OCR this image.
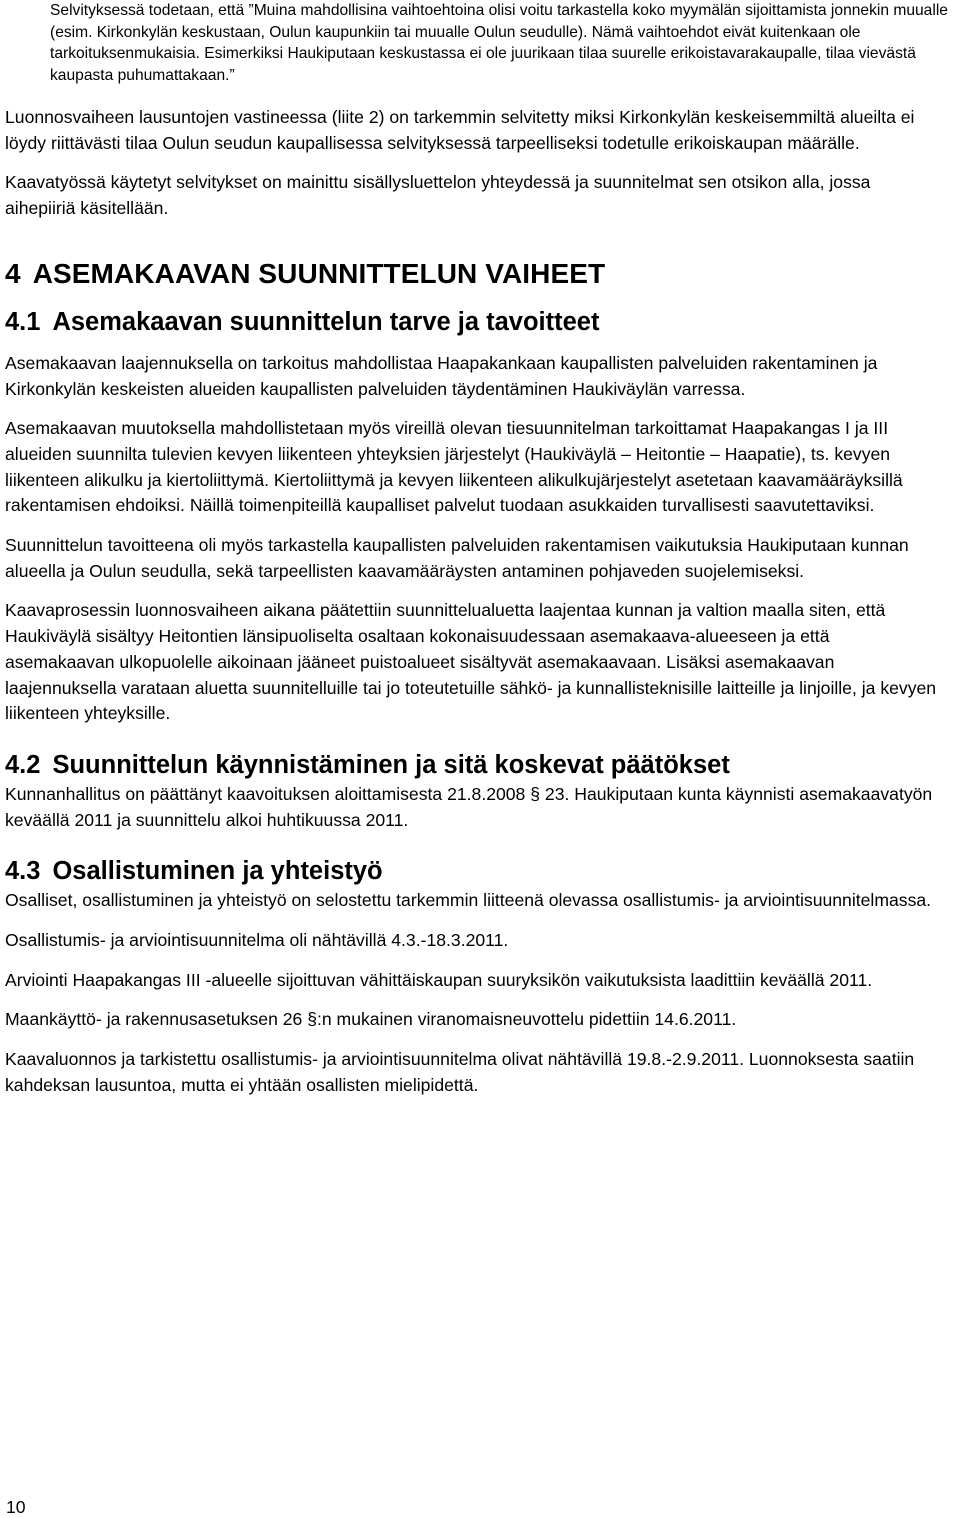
Selvityksessä todetaan, että ”Muina mahdollisina vaihtoehtoina olisi voitu tarkastella koko myymälän sijoittamista jonnekin muualle (esim. Kirkonkylän keskustaan, Oulun kaupunkiin tai muualle Oulun seudulle). Nämä vaihtoehdot eivät kuitenkaan ole tarkoituksenmukaisia. Esimerkiksi Haukiputaan keskustassa ei ole juurikaan tilaa suurelle erikoistavarakaupalle, tilaa vievästä kaupasta puhumattakaan.”

Luonnosvaiheen lausuntojen vastineessa (liite 2) on tarkemmin selvitetty miksi Kirkonkylän keskeisemmiltä alueilta ei löydy riittävästi tilaa Oulun seudun kaupallisessa selvityksessä tarpeelliseksi todetulle erikoiskaupan määrälle.

Kaavatyössä käytetyt selvitykset on mainittu sisällysluettelon yhteydessä ja suunnitelmat sen otsikon alla, jossa aihepiiriä käsitellään.

4 ASEMAKAAVAN SUUNNITTELUN VAIHEET
4.1 Asemakaavan suunnittelun tarve ja tavoitteet

Asemakaavan laajennuksella on tarkoitus mahdollistaa Haapakankaan kaupallisten palveluiden rakentaminen ja Kirkonkylän keskeisten alueiden kaupallisten palveluiden täydentäminen Haukiväylän varressa.

Asemakaavan muutoksella mahdollistetaan myös vireillä olevan tiesuunnitelman tarkoittamat Haapakangas I ja III alueiden suunnilta tulevien kevyen liikenteen yhteyksien järjestelyt (Haukiväylä – Heitontie – Haapatie), ts. kevyen liikenteen alikulku ja kiertoliittymä. Kiertoliittymä ja kevyen liikenteen alikulkujärjestelyt asetetaan kaavamääräyksillä rakentamisen ehdoiksi. Näillä toimenpiteillä kaupalliset palvelut tuodaan asukkaiden turvallisesti saavutettaviksi.

Suunnittelun tavoitteena oli myös tarkastella kaupallisten palveluiden rakentamisen vaikutuksia Haukiputaan kunnan alueella ja Oulun seudulla, sekä tarpeellisten kaavamääräysten antaminen pohjaveden suojelemiseksi.

Kaavaprosessin luonnosvaiheen aikana päätettiin suunnittelualuetta laajentaa kunnan ja valtion maalla siten, että Haukiväylä sisältyy Heitontien länsipuoliselta osaltaan kokonaisuudessaan asemakaava-alueeseen ja että asemakaavan ulkopuolelle aikoinaan jääneet puistoalueet sisältyvät asemakaavaan. Lisäksi asemakaavan laajennuksella varataan aluetta suunnitelluille tai jo toteutetuille sähkö- ja kunnallisteknisille laitteille ja linjoille, ja kevyen liikenteen yhteyksille.

4.2 Suunnittelun käynnistäminen ja sitä koskevat päätökset

Kunnanhallitus on päättänyt kaavoituksen aloittamisesta 21.8.2008 § 23. Haukiputaan kunta käynnisti asemakaavatyön keväällä 2011 ja suunnittelu alkoi huhtikuussa 2011.

4.3 Osallistuminen ja yhteistyö

Osalliset, osallistuminen ja yhteistyö on selostettu tarkemmin liitteenä olevassa osallistumis- ja arviointisuunnitelmassa.

Osallistumis- ja arviointisuunnitelma oli nähtävillä 4.3.-18.3.2011.

Arviointi Haapakangas III -alueelle sijoittuvan vähittäiskaupan suuryksikön vaikutuksista laadittiin keväällä 2011.

Maankäyttö- ja rakennusasetuksen 26 §:n mukainen viranomaisneuvottelu pidettiin 14.6.2011.

Kaavaluonnos ja tarkistettu osallistumis- ja arviointisuunnitelma olivat nähtävillä 19.8.-2.9.2011. Luonnoksesta saatiin kahdeksan lausuntoa, mutta ei yhtään osallisten mielipidettä.

10
